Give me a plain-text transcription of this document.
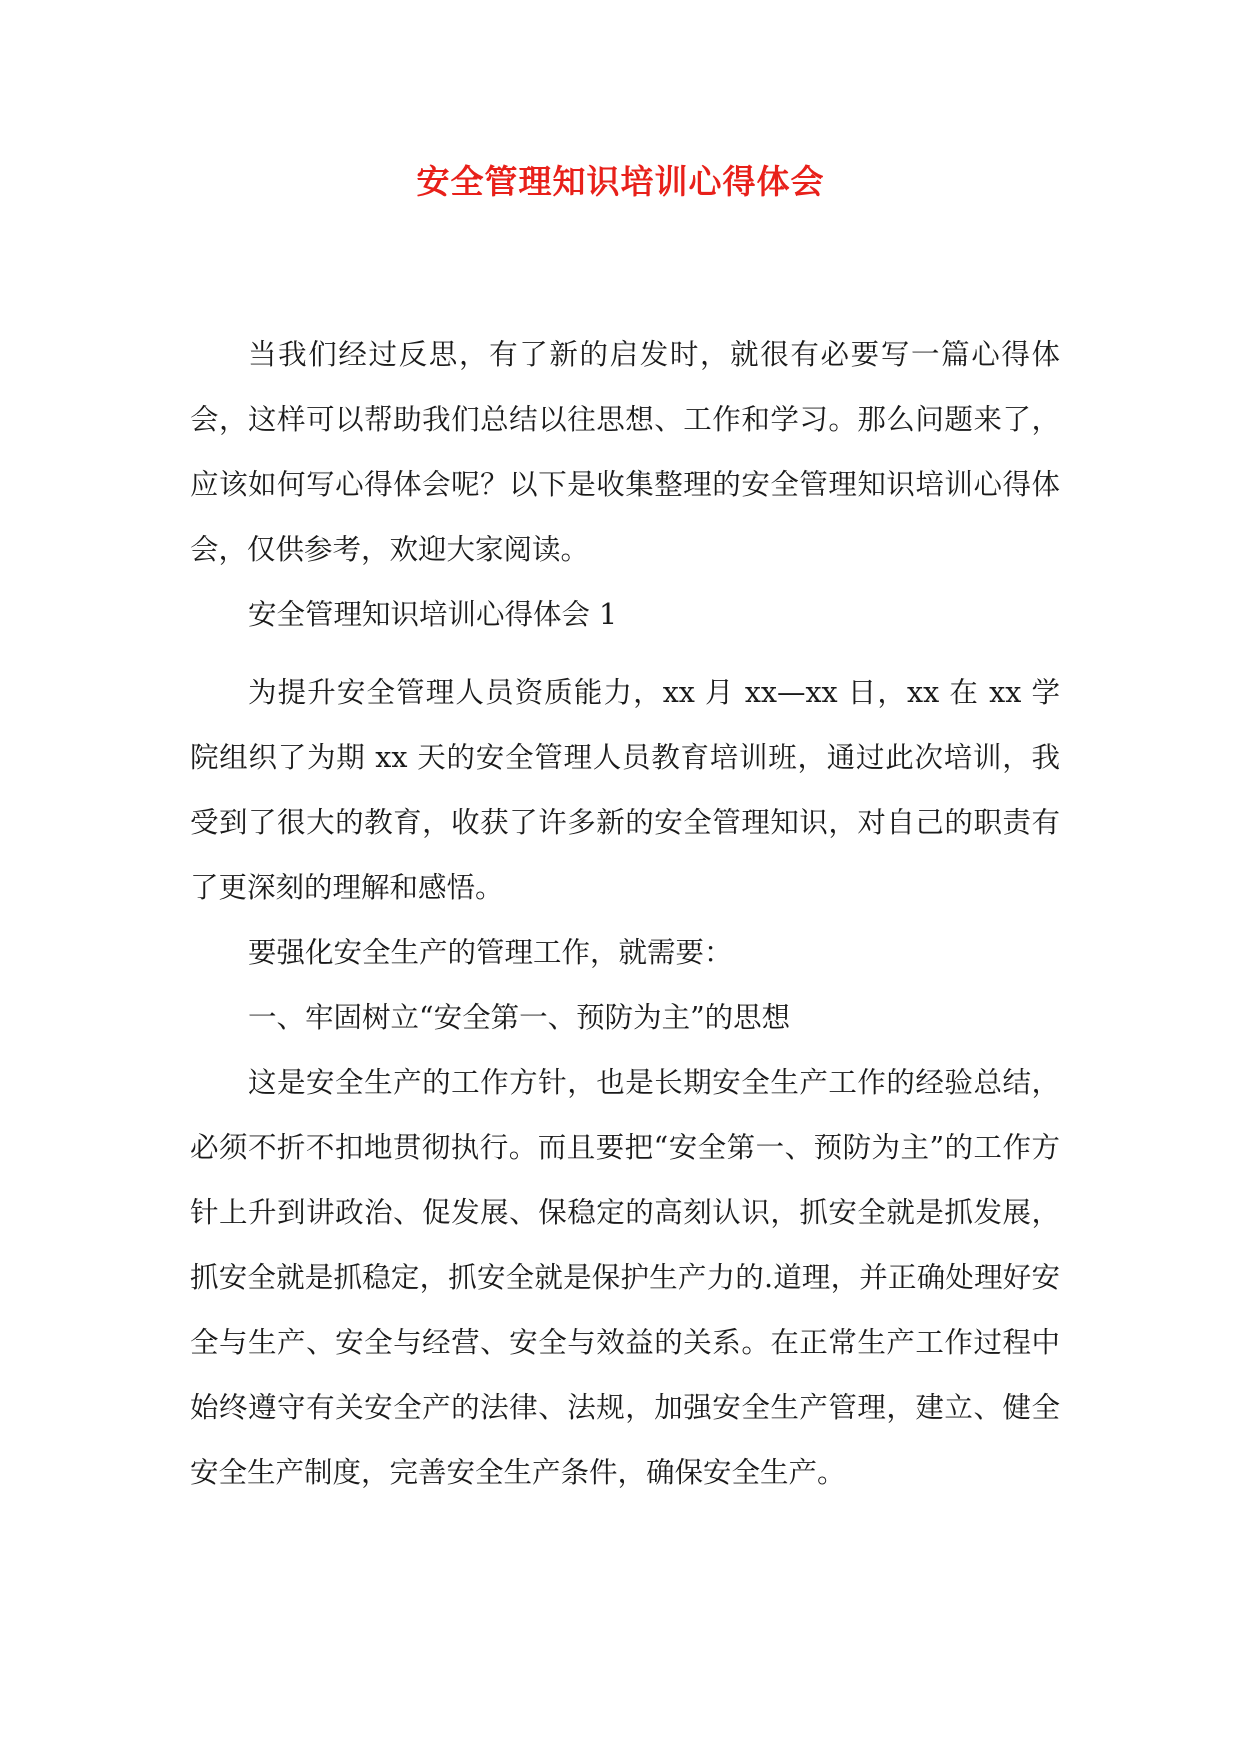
安全管理知识培训心得体会

当我们经过反思，有了新的启发时，就很有必要写一篇心得体会，这样可以帮助我们总结以往思想、工作和学习。那么问题来了，应该如何写心得体会呢？以下是收集整理的安全管理知识培训心得体会，仅供参考，欢迎大家阅读。

安全管理知识培训心得体会 1

为提升安全管理人员资质能力，xx 月 xx—xx 日，xx 在 xx 学院组织了为期 xx 天的安全管理人员教育培训班，通过此次培训，我受到了很大的教育，收获了许多新的安全管理知识，对自己的职责有了更深刻的理解和感悟。

要强化安全生产的管理工作，就需要：

一、牢固树立“安全第一、预防为主”的思想

这是安全生产的工作方针，也是长期安全生产工作的经验总结，必须不折不扣地贯彻执行。而且要把“安全第一、预防为主”的工作方针上升到讲政治、促发展、保稳定的高刻认识，抓安全就是抓发展，抓安全就是抓稳定，抓安全就是保护生产力的.道理，并正确处理好安全与生产、安全与经营、安全与效益的关系。在正常生产工作过程中始终遵守有关安全产的法律、法规，加强安全生产管理，建立、健全安全生产制度，完善安全生产条件，确保安全生产。
